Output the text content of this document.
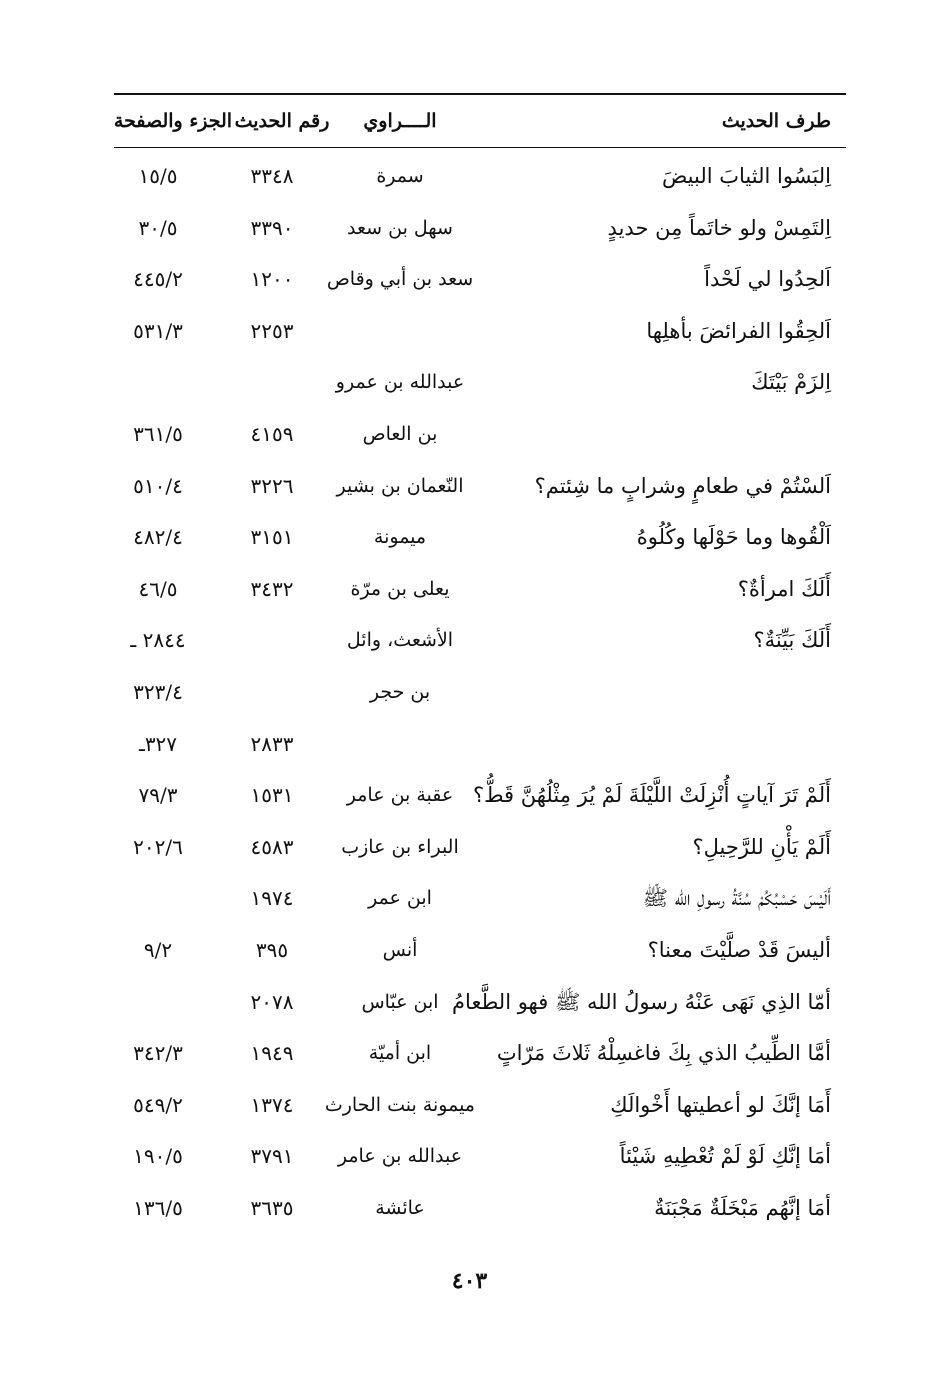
طرف الحديث
الــــراوي
رقم الحديث
الجزء والصفحة
اِلبَسُوا الثيابَ البيضَ
سمرة
٣٣٤٨
١٥/٥
اِلتَمِسْ ولو خاتَماً مِن حديدٍ
سهل بن سعد
٣٣٩٠
٣٠/٥
اَلحِدُوا لي لَحْداً
سعد بن أبي وقاص
١٢٠٠
٤٤٥/٢
اَلحِقُوا الفرائضَ بأهلِها
٢٢٥٣
٥٣١/٣
اِلزَمْ بَيْتَكَ
عبدالله بن عمرو
بن العاص
٤١٥٩
٣٦١/٥
اَلسْتُمْ في طعامٍ وشرابٍ ما شِئتم؟
النّعمان بن بشير
٣٢٢٦
٥١٠/٤
اَلْقُوها وما حَوْلَها وكُلُوهُ
ميمونة
٣١٥١
٤٨٢/٤
أَلَكَ امرأةٌ؟
يعلى بن مرّة
٣٤٣٢
٤٦/٥
أَلَكَ بَيِّنَةٌ؟
الأشعث، وائل
٢٨٤٤ ـ
بن حجر
٣٢٣/٤
٢٨٣٣
٣٢٧ـ
أَلَمْ تَرَ آياتٍ أُنْزِلَتْ اللَّيْلَةَ لَمْ يُرَ مِثْلُهُنَّ قَطُّ؟
عقبة بن عامر
١٥٣١
٧٩/٣
أَلَمْ يَأْنِ للرَّحِيلِ؟
البراء بن عازب
٤٥٨٣
٢٠٢/٦
أَلَيْسَ حَسْبُكُمْ سُنَّةُ رسولِ الله ﷺ
ابن عمر
١٩٧٤
أليسَ قَدْ صلَّيْتَ معنا؟
أنس
٣٩٥
٩/٢
أمّا الذِي نَهَى عَنْهُ رسولُ الله ﷺ فهو الطَّعامُ
ابن عبّاس
٢٠٧٨
أمَّا الطِّيبُ الذي بِكَ فاغسِلْهُ ثَلاثَ مَرّاتٍ
ابن أميّة
١٩٤٩
٣٤٢/٣
أَمَا إنَّكَ لو أعطيتها أَخْوالَكِ
ميمونة بنت الحارث
١٣٧٤
٥٤٩/٢
أمَا إنَّكِ لَوْ لَمْ تُعْطِيهِ شَيْئاً
عبدالله بن عامر
٣٧٩١
١٩٠/٥
أمَا إنَّهُم مَبْخَلَةٌ مَجْبَنَةٌ
عائشة
٣٦٣٥
١٣٦/٥
٤٠٣
